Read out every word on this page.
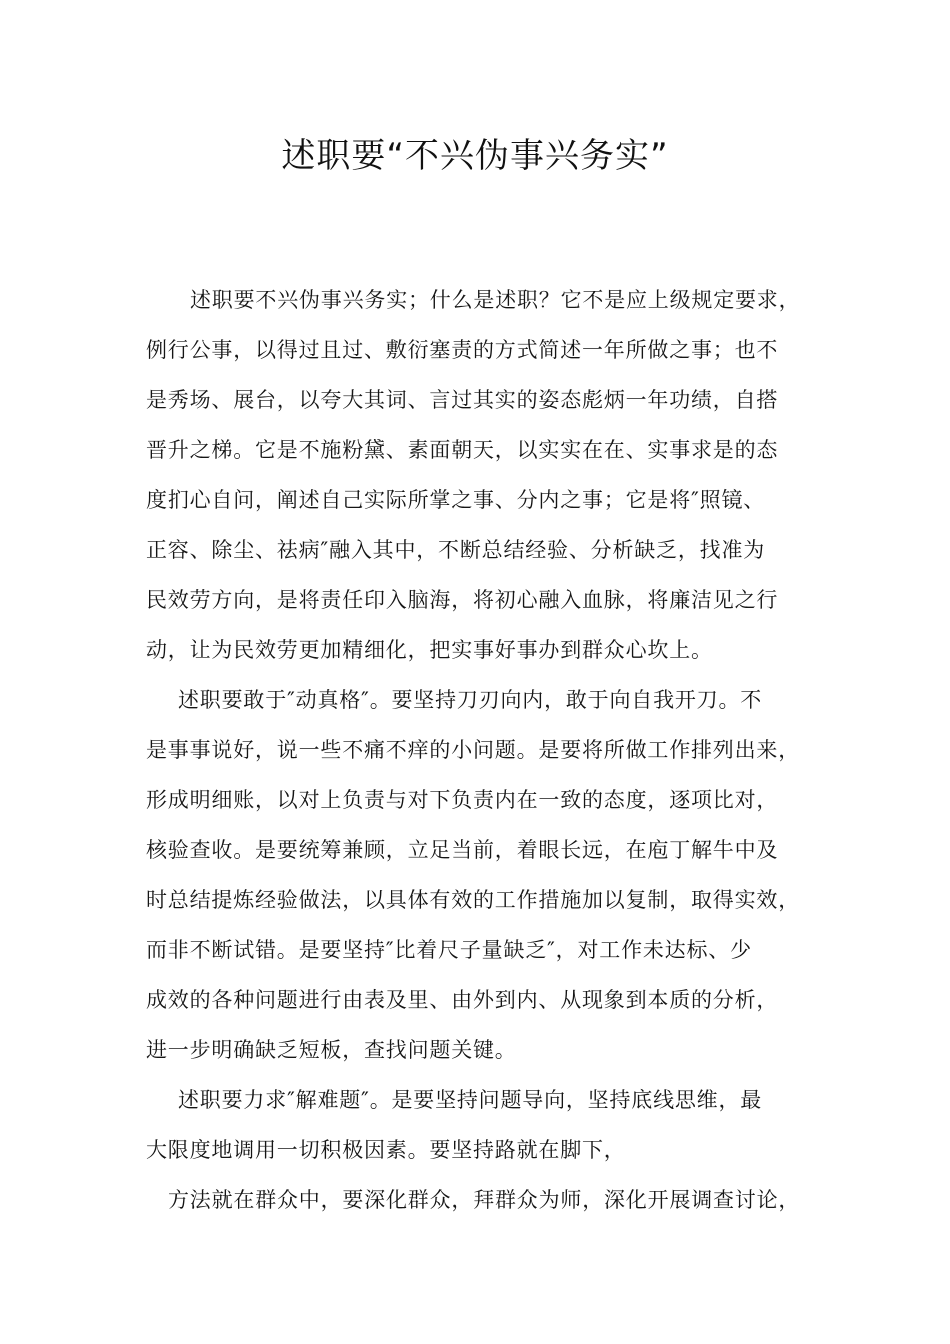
述职要“不兴伪事兴务实”
述职要不兴伪事兴务实；什么是述职？它不是应上级规定要求，
例行公事，以得过且过、敷衍塞责的方式简述一年所做之事；也不
是秀场、展台，以夸大其词、言过其实的姿态彪炳一年功绩，自搭
晋升之梯。它是不施粉黛、素面朝天，以实实在在、实事求是的态
度扪心自问，阐述自己实际所掌之事、分内之事；它是将″照镜、
正容、除尘、祛病″融入其中，不断总结经验、分析缺乏，找准为
民效劳方向，是将责任印入脑海，将初心融入血脉，将廉洁见之行
动，让为民效劳更加精细化，把实事好事办到群众心坎上。
述职要敢于″动真格″。要坚持刀刃向内，敢于向自我开刀。不
是事事说好，说一些不痛不痒的小问题。是要将所做工作排列出来，
形成明细账，以对上负责与对下负责内在一致的态度，逐项比对，
核验查收。是要统筹兼顾，立足当前，着眼长远，在庖丁解牛中及
时总结提炼经验做法，以具体有效的工作措施加以复制，取得实效，
而非不断试错。是要坚持″比着尺子量缺乏″，对工作未达标、少
成效的各种问题进行由表及里、由外到内、从现象到本质的分析，
进一步明确缺乏短板，查找问题关键。
述职要力求″解难题″。是要坚持问题导向，坚持底线思维，最
大限度地调用一切积极因素。要坚持路就在脚下，
方法就在群众中，要深化群众，拜群众为师，深化开展调查讨论，
